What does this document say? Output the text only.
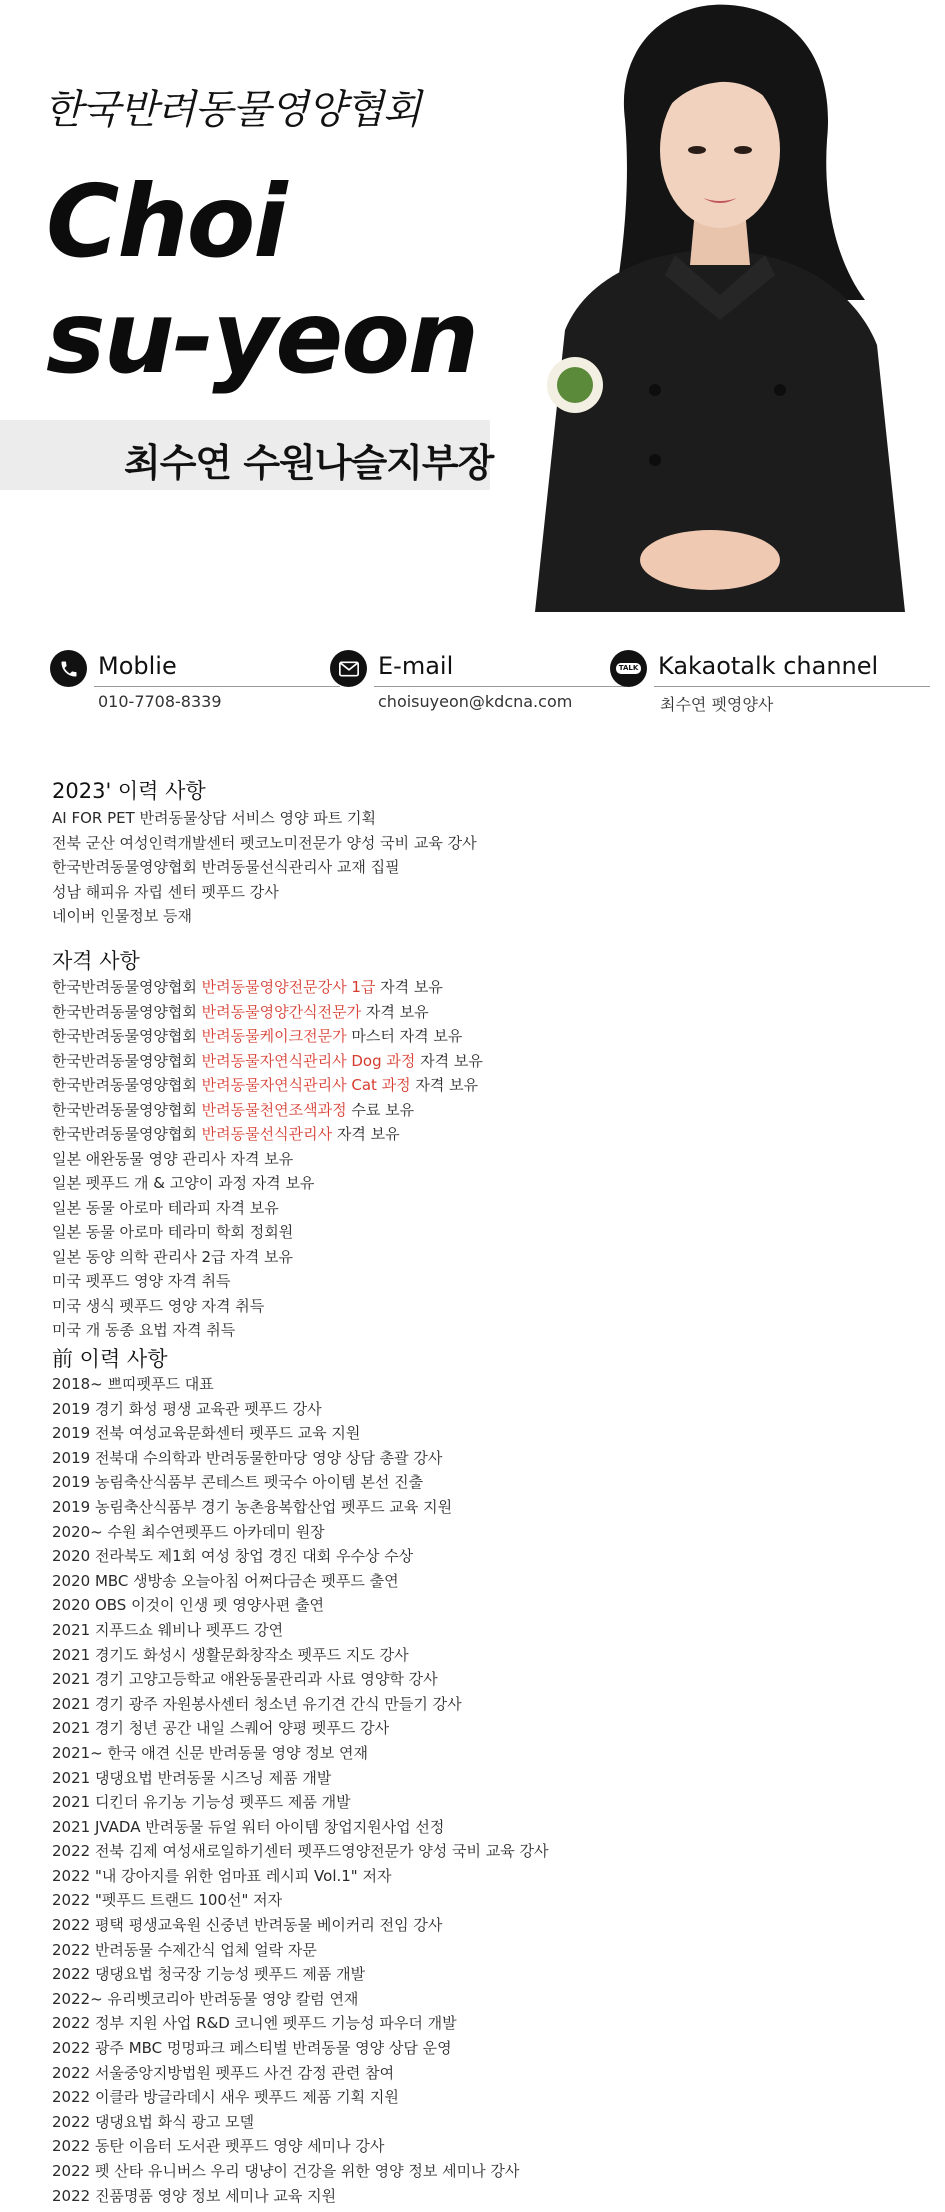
한국반려동물영양협회
Choi
su-yeon
최수연 수원나슬지부장
Moblie
010-7708-8339
E-mail
choisuyeon@kdcna.com
TALK Kakaotalk channel
최수연 펫영양사
2023' 이력 사항
AI FOR PET 반려동물상담 서비스 영양 파트 기획
전북 군산 여성인력개발센터 펫코노미전문가 양성 국비 교육 강사
한국반려동물영양협회 반려동물선식관리사 교재 집필
성남 해피유 자립 센터 펫푸드 강사
네이버 인물정보 등재
자격 사항
한국반려동물영양협회 반려동물영양전문강사 1급 자격 보유
한국반려동물영양협회 반려동물영양간식전문가 자격 보유
한국반려동물영양협회 반려동물케이크전문가 마스터 자격 보유
한국반려동물영양협회 반려동물자연식관리사 Dog 과정 자격 보유
한국반려동물영양협회 반려동물자연식관리사 Cat 과정 자격 보유
한국반려동물영양협회 반려동물천연조색과정 수료 보유
한국반려동물영양협회 반려동물선식관리사 자격 보유
일본 애완동물 영양 관리사 자격 보유
일본 펫푸드 개 & 고양이 과정 자격 보유
일본 동물 아로마 테라피 자격 보유
일본 동물 아로마 테라미 학회 정회원
일본 동양 의학 관리사 2급 자격 보유
미국 펫푸드 영양 자격 취득
미국 생식 펫푸드 영양 자격 취득
미국 개 동종 요법 자격 취득
前 이력 사항
2018~ 쁘띠펫푸드 대표
2019 경기 화성 평생 교육관 펫푸드 강사
2019 전북 여성교육문화센터 펫푸드 교육 지원
2019 전북대 수의학과 반려동물한마당 영양 상담 총괄 강사
2019 농림축산식품부 콘테스트 펫국수 아이템 본선 진출
2019 농림축산식품부 경기 농촌융복합산업 펫푸드 교육 지원
2020~ 수원 최수연펫푸드 아카데미 원장
2020 전라북도 제1회 여성 창업 경진 대회 우수상 수상
2020 MBC 생방송 오늘아침 어쩌다금손 펫푸드 출연
2020 OBS 이것이 인생 펫 영양사편 출연
2021 지푸드쇼 웨비나 펫푸드 강연
2021 경기도 화성시 생활문화창작소 펫푸드 지도 강사
2021 경기 고양고등학교 애완동물관리과 사료 영양학 강사
2021 경기 광주 자원봉사센터 청소년 유기견 간식 만들기 강사
2021 경기 청년 공간 내일 스퀘어 양평 펫푸드 강사
2021~ 한국 애견 신문 반려동물 영양 정보 연재
2021 댕댕요법 반려동물 시즈닝 제품 개발
2021 디킨더 유기농 기능성 펫푸드 제품 개발
2021 JVADA 반려동물 듀얼 워터 아이템 창업지원사업 선정
2022 전북 김제 여성새로일하기센터 펫푸드영양전문가 양성 국비 교육 강사
2022 "내 강아지를 위한 엄마표 레시피 Vol.1" 저자
2022 "펫푸드 트랜드 100선" 저자
2022 평택 평생교육원 신중년 반려동물 베이커리 전임 강사
2022 반려동물 수제간식 업체 얼락 자문
2022 댕댕요법 청국장 기능성 펫푸드 제품 개발
2022~ 유리벳코리아 반려동물 영양 칼럼 연재
2022 정부 지원 사업 R&D 코니엔 펫푸드 기능성 파우더 개발
2022 광주 MBC 멍멍파크 페스티벌 반려동물 영양 상담 운영
2022 서울중앙지방법원 펫푸드 사건 감정 관련 참여
2022 이클라 방글라데시 새우 펫푸드 제품 기획 지원
2022 댕댕요법 화식 광고 모델
2022 동탄 이음터 도서관 펫푸드 영양 세미나 강사
2022 펫 산타 유니버스 우리 댕냥이 건강을 위한 영양 정보 세미나 강사
2022 진품명품 영양 정보 세미나 교육 지원
